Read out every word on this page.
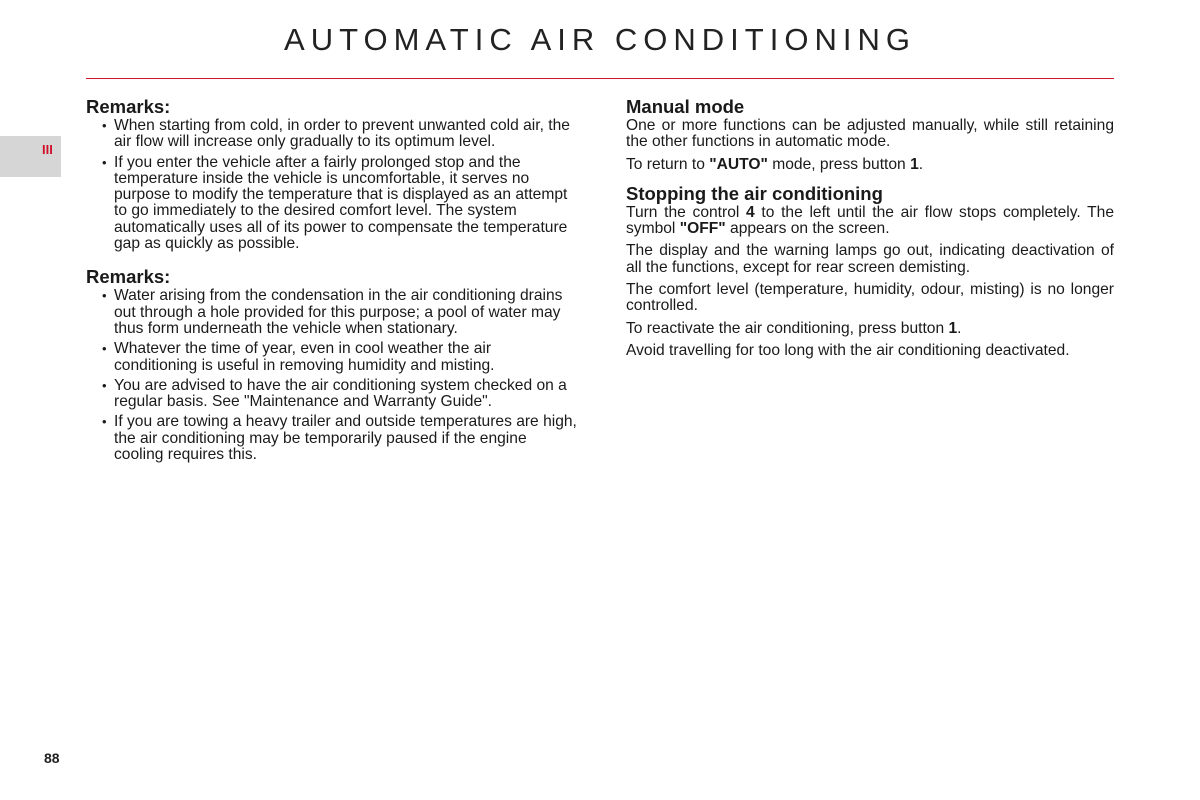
AUTOMATIC AIR CONDITIONING
III
Remarks:
• When starting from cold, in order to prevent unwanted cold air, the air flow will increase only gradually to its optimum level.
• If you enter the vehicle after a fairly prolonged stop and the temperature inside the vehicle is uncomfortable, it serves no purpose to modify the temperature that is displayed as an attempt to go immediately to the desired comfort level. The system automatically uses all of its power to compensate the temperature gap as quickly as possible.
Remarks:
• Water arising from the condensation in the air conditioning drains out through a hole provided for this purpose; a pool of water may thus form underneath the vehicle when stationary.
• Whatever the time of year, even in cool weather the air conditioning is useful in removing humidity and misting.
• You are advised to have the air conditioning system checked on a regular basis. See "Maintenance and Warranty Guide".
• If you are towing a heavy trailer and outside temperatures are high, the air conditioning may be temporarily paused if the engine cooling requires this.
Manual mode

One or more functions can be adjusted manually, while still retaining the other functions in automatic mode.

To return to "AUTO" mode, press button 1.

Stopping the air conditioning

Turn the control 4 to the left until the air flow stops completely. The symbol "OFF" appears on the screen.

The display and the warning lamps go out, indicating deactivation of all the functions, except for rear screen demisting.

The comfort level (temperature, humidity, odour, misting) is no longer controlled.

To reactivate the air conditioning, press button 1.

Avoid travelling for too long with the air conditioning deactivated.

88
